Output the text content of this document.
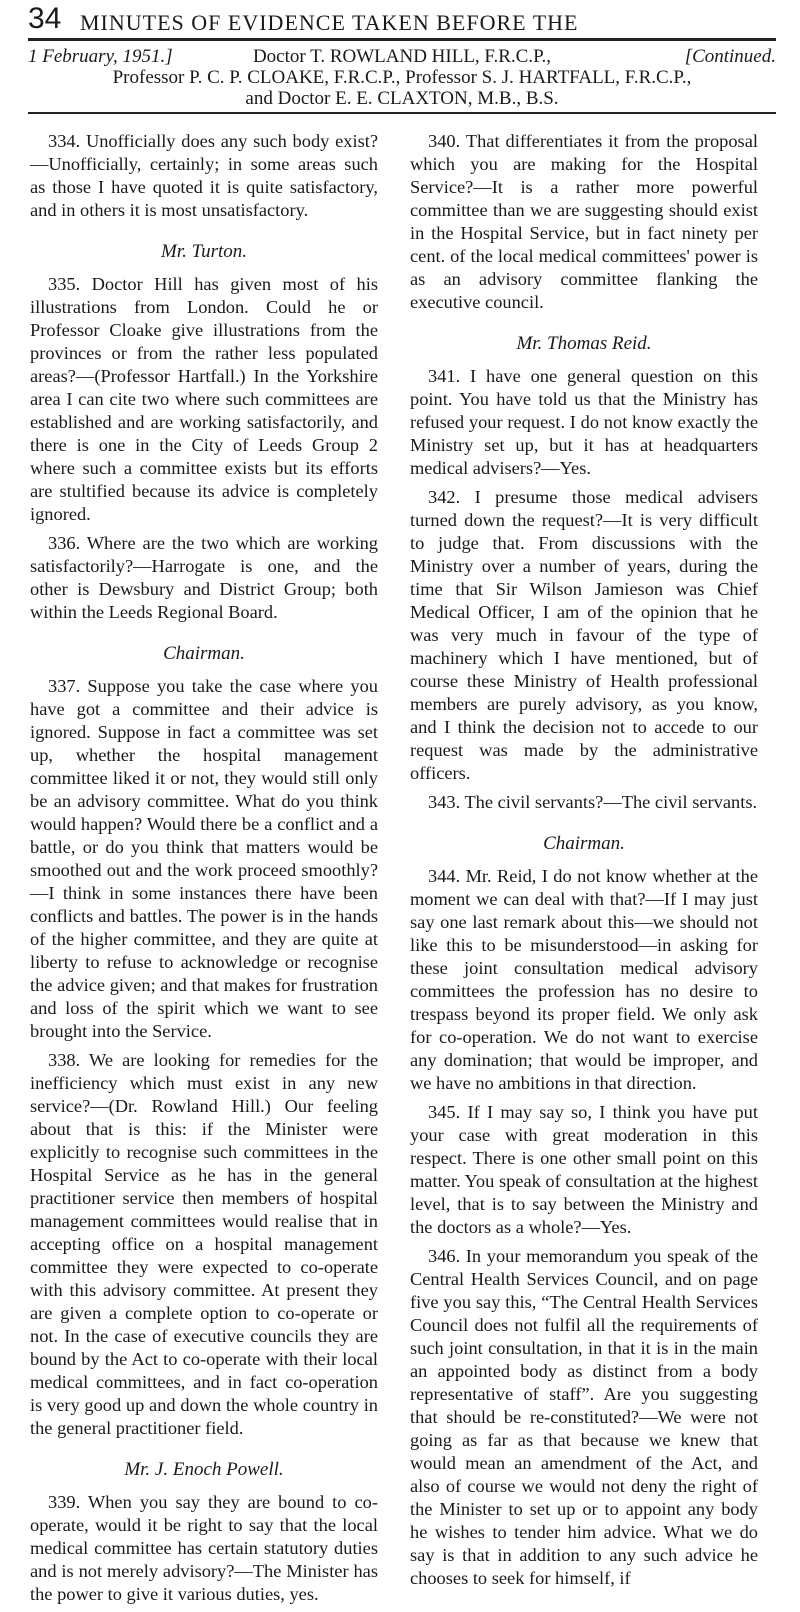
34 MINUTES OF EVIDENCE TAKEN BEFORE THE
1 February, 1951.]	[Continued.
Doctor T. ROWLAND HILL, F.R.C.P.,
Professor P. C. P. CLOAKE, F.R.C.P., Professor S. J. HARTFALL, F.R.C.P.,
and Doctor E. E. CLAXTON, M.B., B.S.

334. Unofficially does any such body exist?—Unofficially, certainly; in some areas such as those I have quoted it is quite satisfactory, and in others it is most unsatisfactory.

Mr. Turton.

335. Doctor Hill has given most of his illustrations from London. Could he or Professor Cloake give illustrations from the provinces or from the rather less populated areas?—(Professor Hartfall.) In the Yorkshire area I can cite two where such committees are established and are working satisfactorily, and there is one in the City of Leeds Group 2 where such a committee exists but its efforts are stultified because its advice is completely ignored.

336. Where are the two which are working satisfactorily?—Harrogate is one, and the other is Dewsbury and District Group; both within the Leeds Regional Board.

Chairman.

337. Suppose you take the case where you have got a committee and their advice is ignored. Suppose in fact a committee was set up, whether the hospital management committee liked it or not, they would still only be an advisory committee. What do you think would happen? Would there be a conflict and a battle, or do you think that matters would be smoothed out and the work proceed smoothly?—I think in some instances there have been conflicts and battles. The power is in the hands of the higher committee, and they are quite at liberty to refuse to acknowledge or recognise the advice given; and that makes for frustration and loss of the spirit which we want to see brought into the Service.

338. We are looking for remedies for the inefficiency which must exist in any new service?—(Dr. Rowland Hill.) Our feeling about that is this: if the Minister were explicitly to recognise such committees in the Hospital Service as he has in the general practitioner service then members of hospital management committees would realise that in accepting office on a hospital management committee they were expected to co-operate with this advisory committee. At present they are given a complete option to co-operate or not. In the case of executive councils they are bound by the Act to co-operate with their local medical committees, and in fact co-operation is very good up and down the whole country in the general practitioner field.

Mr. J. Enoch Powell.

339. When you say they are bound to co-operate, would it be right to say that the local medical committee has certain statutory duties and is not merely advisory?—The Minister has the power to give it various duties, yes.

340. That differentiates it from the proposal which you are making for the Hospital Service?—It is a rather more powerful committee than we are suggesting should exist in the Hospital Service, but in fact ninety per cent. of the local medical committees' power is as an advisory committee flanking the executive council.

Mr. Thomas Reid.

341. I have one general question on this point. You have told us that the Ministry has refused your request. I do not know exactly the Ministry set up, but it has at headquarters medical advisers?—Yes.

342. I presume those medical advisers turned down the request?—It is very difficult to judge that. From discussions with the Ministry over a number of years, during the time that Sir Wilson Jamieson was Chief Medical Officer, I am of the opinion that he was very much in favour of the type of machinery which I have mentioned, but of course these Ministry of Health professional members are purely advisory, as you know, and I think the decision not to accede to our request was made by the administrative officers.

343. The civil servants?—The civil servants.

Chairman.

344. Mr. Reid, I do not know whether at the moment we can deal with that?—If I may just say one last remark about this—we should not like this to be misunderstood—in asking for these joint consultation medical advisory committees the profession has no desire to trespass beyond its proper field. We only ask for co-operation. We do not want to exercise any domination; that would be improper, and we have no ambitions in that direction.

345. If I may say so, I think you have put your case with great moderation in this respect. There is one other small point on this matter. You speak of consultation at the highest level, that is to say between the Ministry and the doctors as a whole?—Yes.

346. In your memorandum you speak of the Central Health Services Council, and on page five you say this, “The Central Health Services Council does not fulfil all the requirements of such joint consultation, in that it is in the main an appointed body as distinct from a body representative of staff”. Are you suggesting that should be re-constituted?—We were not going as far as that because we knew that would mean an amendment of the Act, and also of course we would not deny the right of the Minister to set up or to appoint any body he wishes to tender him advice. What we do say is that in addition to any such advice he chooses to seek for himself, if
